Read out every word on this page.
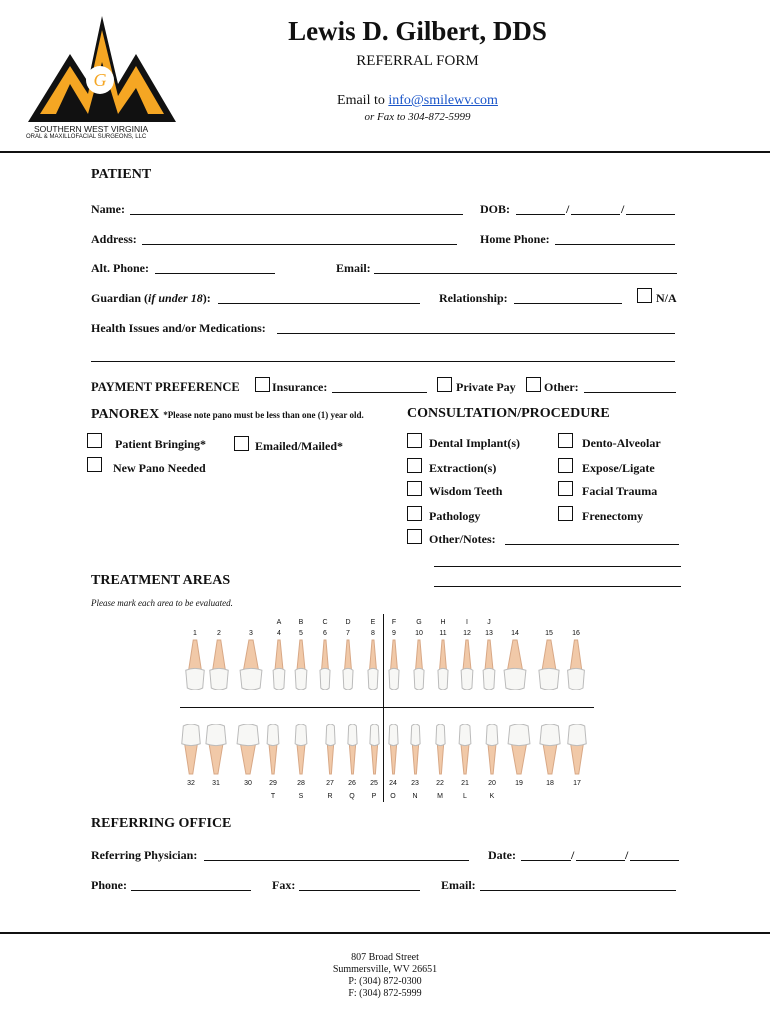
G
SOUTHERN WEST VIRGINIA
ORAL & MAXILLOFACIAL SURGEONS, LLC
Lewis D. Gilbert, DDS
REFERRAL FORM
Email to info@smilewv.com
or Fax to 304-872-5999
PATIENT
Name:	DOB:	/	/
Address:	Home Phone:
Alt. Phone:	Email:
Guardian (if under 18):	Relationship:	N/A
Health Issues and/or Medications:
PAYMENT PREFERENCE	Insurance:	Private Pay Other:
PANOREX *Please note pano must be less than one (1) year old.
Patient Bringing*	Emailed/Mailed*
New Pano Needed
CONSULTATION/PROCEDURE
Dental Implant(s)	Dento-Alveolar
Extraction(s)	Expose/Ligate
Wisdom Teeth	Facial Trauma
Pathology	Frenectomy
Other/Notes:
TREATMENT AREAS
Please mark each area to be evaluated.
A	B	C	D	E	F	G	H	I	J
1	2	3	4	5	6	7	8	9	10	11	12	13	14	15	16
32	31	30	29	28	27	26	25	24	23	22	21	20	19	18	17
T	S	R	Q	P	O	N	M	L	K
REFERRING OFFICE
Referring Physician:	Date:	/	/
Phone:	Fax:	Email:
807 Broad Street
Summersville, WV 26651
P: (304) 872-0300
F: (304) 872-5999
